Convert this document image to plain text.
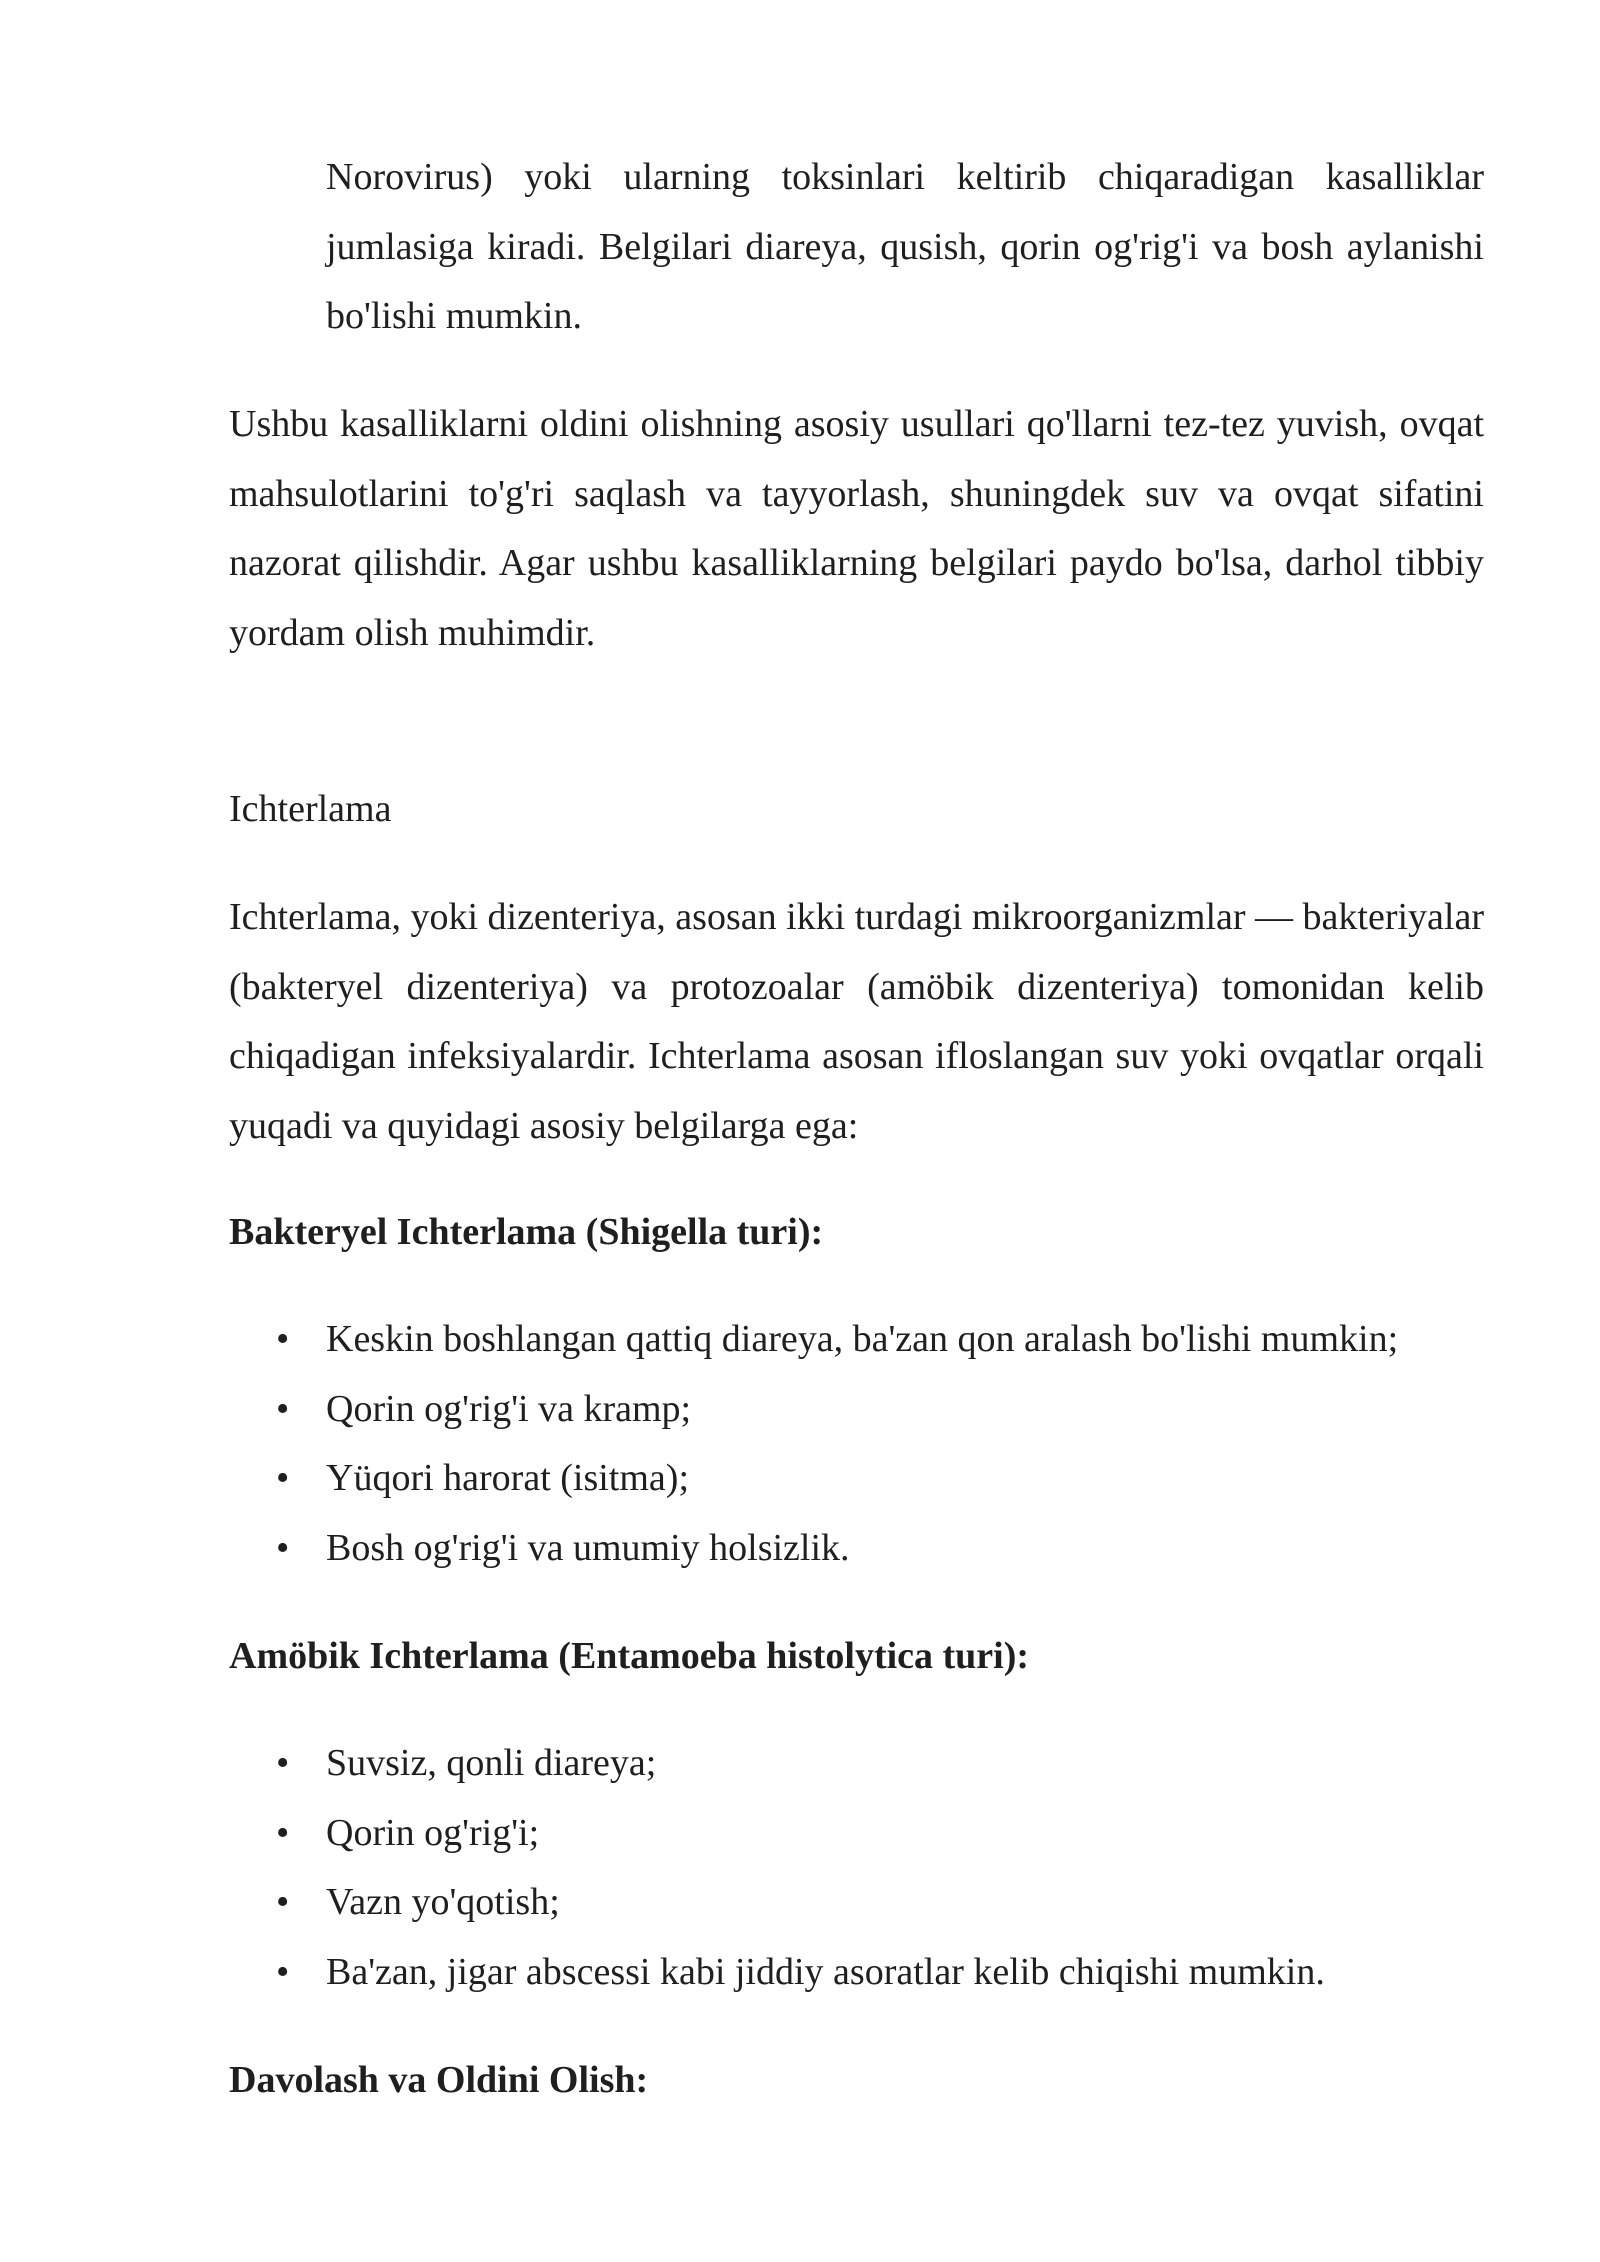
Norovirus) yoki ularning toksinlari keltirib chiqaradigan kasalliklar jumlasiga kiradi. Belgilari diareya, qusish, qorin og'rig'i va bosh aylanishi bo'lishi mumkin.
Ushbu kasalliklarni oldini olishning asosiy usullari qo'llarni tez-tez yuvish, ovqat mahsulotlarini to'g'ri saqlash va tayyorlash, shuningdek suv va ovqat sifatini nazorat qilishdir. Agar ushbu kasalliklarning belgilari paydo bo'lsa, darhol tibbiy yordam olish muhimdir.
Ichterlama
Ichterlama, yoki dizenteriya, asosan ikki turdagi mikroorganizmlar — bakteriyalar (bakteryel dizenteriya) va protozoalar (amöbik dizenteriya) tomonidan kelib chiqadigan infeksiyalardir. Ichterlama asosan ifloslangan suv yoki ovqatlar orqali yuqadi va quyidagi asosiy belgilarga ega:
Bakteryel Ichterlama (Shigella turi):
• Keskin boshlangan qattiq diareya, ba'zan qon aralash bo'lishi mumkin;
• Qorin og'rig'i va kramp;
• Yüqori harorat (isitma);
• Bosh og'rig'i va umumiy holsizlik.
Amöbik Ichterlama (Entamoeba histolytica turi):
• Suvsiz, qonli diareya;
• Qorin og'rig'i;
• Vazn yo'qotish;
• Ba'zan, jigar abscessi kabi jiddiy asoratlar kelib chiqishi mumkin.
Davolash va Oldini Olish:
